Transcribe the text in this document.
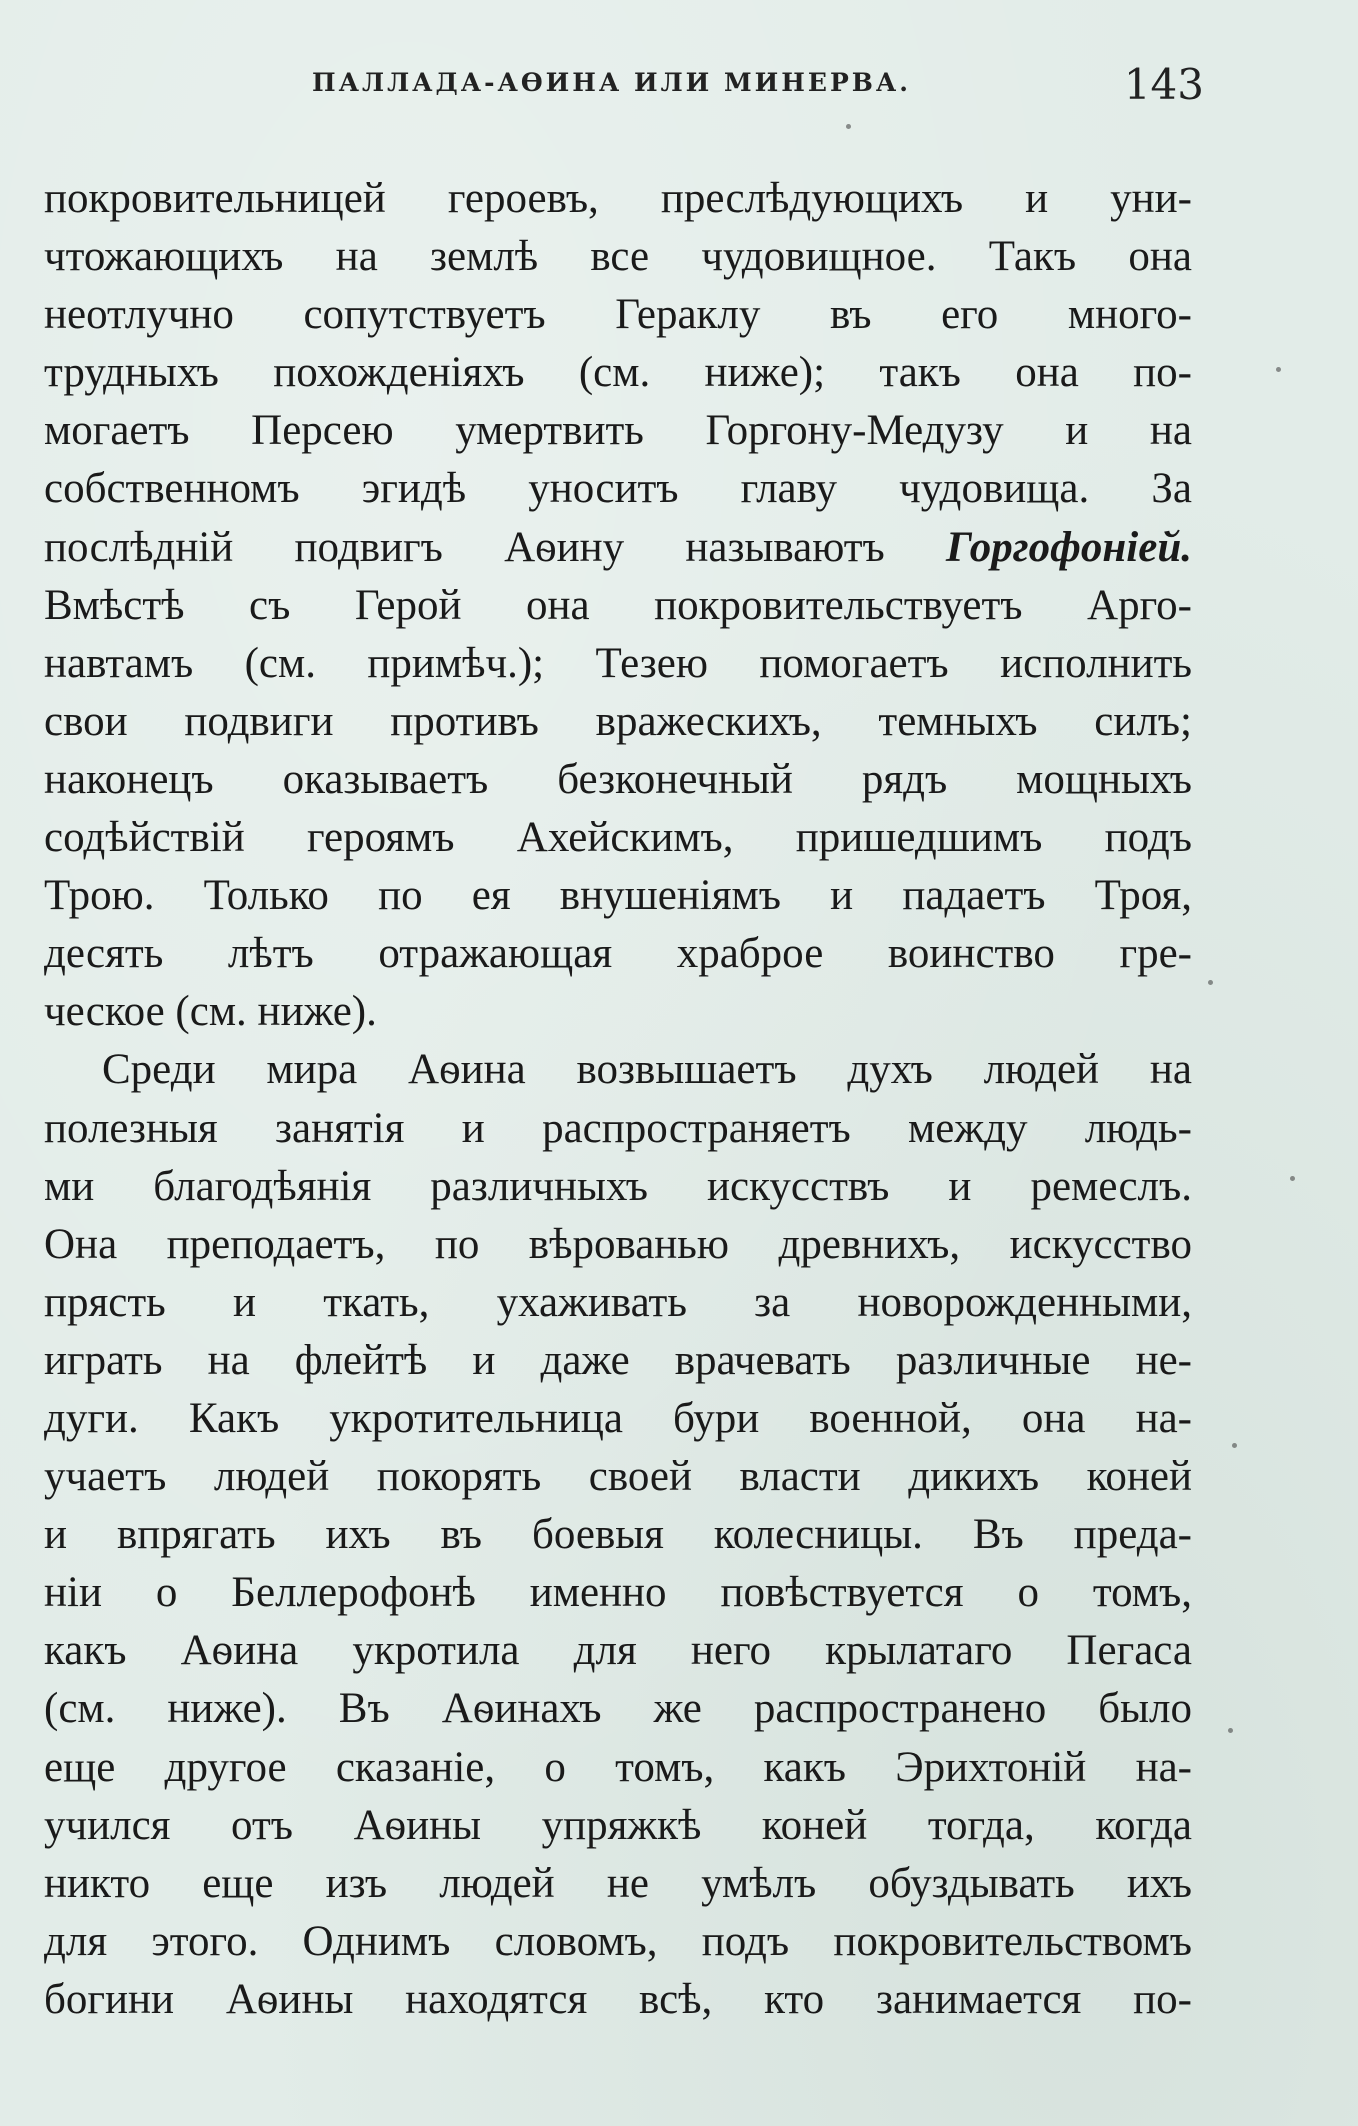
ПАЛЛАДА-АѲИНА ИЛИ МИНЕРВА.	143
покровительницей героевъ, преслѣдующихъ и уни-
чтожающихъ на землѣ все чудовищное. Такъ она
неотлучно сопутствуетъ Гераклу въ его много-
трудныхъ похожденіяхъ (см. ниже); такъ она по-
могаетъ Персею умертвить Горгону-Медузу и на
собственномъ эгидѣ уноситъ главу чудовища. За
послѣдній подвигъ Аѳину называютъ Горгофоніей.
Вмѣстѣ съ Герой она покровительствуетъ Арго-
навтамъ (см. примѣч.); Тезею помогаетъ исполнить
свои подвиги противъ вражескихъ, темныхъ силъ;
наконецъ оказываетъ безконечный рядъ мощныхъ
содѣйствій героямъ Ахейскимъ, пришедшимъ подъ
Трою. Только по ея внушеніямъ и падаетъ Троя,
десять лѣтъ отражающая храброе воинство гре-
ческое (см. ниже).
Среди мира Аѳина возвышаетъ духъ людей на
полезныя занятія и распространяетъ между людь-
ми благодѣянія различныхъ искусствъ и ремеслъ.
Она преподаетъ, по вѣрованью древнихъ, искусство
прясть и ткать, ухаживать за новорожденными,
играть на флейтѣ и даже врачевать различные не-
дуги. Какъ укротительница бури военной, она на-
учаетъ людей покорять своей власти дикихъ коней
и впрягать ихъ въ боевыя колесницы. Въ преда-
ніи о Беллерофонѣ именно повѣствуется о томъ,
какъ Аѳина укротила для него крылатаго Пегаса
(см. ниже). Въ Аѳинахъ же распространено было
еще другое сказаніе, о томъ, какъ Эрихтоній на-
учился отъ Аѳины упряжкѣ коней тогда, когда
никто еще изъ людей не умѣлъ обуздывать ихъ
для этого. Однимъ словомъ, подъ покровительствомъ
богини Аѳины находятся всѣ, кто занимается по-
